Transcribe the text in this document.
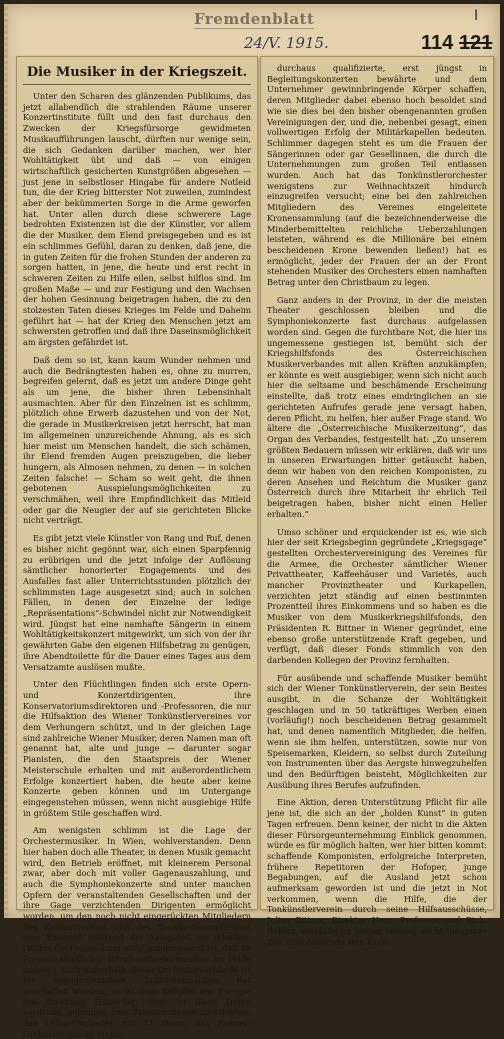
Fremdenblatt
24/V. 1915.	114 121
I
Die Musiker in der Kriegszeit.

Unter den Scharen des glänzenden Publikums, das jetzt allabendlich die strahlenden Räume unserer Konzertinstitute füllt und den fast durchaus den Zwecken der Kriegsfürsorge gewidmeten Musikaufführungen lauscht, dürften nur wenige sein, die sich Gedanken darüber machen, wer hier Wohltätigkeit übt und daß — von einigen wirtschaftlich gesicherten Kunstgrößen abgesehen — just jene in selbstloser Hingabe für andere Notleid tun, die der Krieg bitterster Not zuweilen, zumindest aber der bekümmerten Sorge in die Arme geworfen hat. Unter allen durch diese schwerere Lage bedrohten Existenzen ist die der Künstler, vor allem die der Musiker, dem Elend preisgegeben und es ist ein schlimmes Gefühl, daran zu denken, daß jene, die in guten Zeiten für die frohen Stunden der anderen zu sorgen hatten, in jene, die heute und erst recht in schweren Zeiten zu Hilfe eilen, selbst hilflos sind. Im großen Maße — und zur Festigung und den Wachsen der hohen Gesinnung beigetragen haben, die zu den stolzesten Taten dieses Krieges im Felde und Daheim geführt hat — hat der Krieg den Menschen jetzt am schwersten getroffen und daß ihre Daseinsmöglichkeit am ärgsten gefährdet ist.

Daß dem so ist, kann kaum Wunder nehmen und auch die Bedrängtesten haben es, ohne zu murren, begreifen gelernt, daß es jetzt um andere Dinge geht als um jene, die bisher ihren Lebensinhalt ausmachten. Aber für den Einzelnen ist es schlimm, plötzlich ohne Erwerb dazustehen und von der Not, die gerade in Musikerkreisen jetzt herrscht, hat man im allgemeinen unzureichende Ahnung, als es sich hier meist um Menschen handelt, die sich schämen, ihr Elend fremden Augen preiszugeben, die lieber hungern, als Almosen nehmen, zu denen — in solchen Zeiten falsche! — Scham so weit geht, die ihnen gebotenen Ausspielungsmöglichkeiten zu verschmähen, weil ihre Empfindlichkeit das Mitleid oder gar die Neugier der auf sie gerichteten Blicke nicht verträgt.

Es gibt jetzt viele Künstler von Rang und Ruf, denen es bisher nicht gegönnt war, sich einen Sparpfennig zu erübrigen und die jetzt infolge der Auflösung sämtlicher honorierter Engagements und des Ausfalles fast aller Unterrichtsstunden plötzlich der schlimmsten Lage ausgesetzt sind; auch in solchen Fällen, in denen der Einzelne der ledige „Repräsentations“-Schwindel nicht zur Notwendigkeit wird. Jüngst hat eine namhafte Sängerin in einem Wohltätigkeitskonzert mitgewirkt, um sich von der ihr gewährten Gabe den eigenen Hilfsbetrag zu genügen, ihre Abendtoilette für die Dauer eines Tages aus dem Versatzamte auslösen mußte.

Unter den Flüchtlingen finden sich erste Opern- und Konzertdirigenten, ihre Konservatoriumsdirektoren und -Professoren, die nur die Hilfsaktion des Wiener Tonkünstlervereines vor dem Verhungern schützt, und in der gleichen Lage sind zahlreiche Wiener Musiker, deren Namen man oft genannt hat, alte und junge — darunter sogar Pianisten, die den Staatspreis der Wiener Meisterschule erhalten und mit außerordentlichem Erfolge konzertiert haben, die heute aber keine Konzerte geben können und im Untergange eingegenstehen müssen, wenn nicht ausgiebige Hilfe in größtem Stile geschaffen wird.

Am wenigsten schlimm ist die Lage der Orchestermusiker. In Wien, wohlverstanden. Denn hier haben doch alle Theater, in denen Musik gemacht wird, den Betrieb eröffnet, mit kleinerem Personal zwar, aber doch mit voller Gagenauszahlung, und auch die Symphoniekonzerte sind unter manchen Opfern der veranstaltenden Gesellschaften und der ihre Gage verzichtenden Dirigenten ermöglicht worden, um den noch nicht eingerückten Mitgliedern des Konzertvereins und des Tonkünstlerorchesters eine Existenz während der Kriegszeit zu schaffen. (Wobei die Feststellung nicht uninteressant ist, daß 48 Prozent sämtlicher Berufsorchestermusiker im Felde stehen!) Auch außerhalb dieser Orchesterverbände ist für engagementslose Instrumentalisten Rat geschaffen worden; es ist zum Beispiel der Energie des Direktors Hölzering, denn ist diese Daten verdanke, gelungen, zwei Privatorchester zu schaffen, das Lehar-Orchester mit 42 Mann, das Ziehrer-Orchester mit 24 Mann,

durchaus qualifizierte, erst jüngst in Begleitungskonzerten bewährte und dem Unternehmer gewinnbringende Körper schaffen, deren Mitglieder dabei ebenso hoch besoldet sind wie sie dies bei den bisher obengenannten großen Vereinigungen der, und die, nebenbei gesagt, einen vollwertigen Erfolg der Militärkapellen bedeuten. Schlimmer dagegen steht es um die Frauen der Sängerinnen oder gar Gesellinnen, die durch die Unternehmungen zum großen Teil entlassen wurden. Auch hat das Tonkünstlerorchester wenigstens zur Weihnachtszeit hindurch einzugreifen versucht; eine bei den zahlreichen Mitgliedern des Vereines eingeleitete Kronensammlung (auf die bezeichnenderweise die Minderbemittelten reichliche Ueberzahlungen leisteten, während es die Millionäre bei einem bescheidenen Krone bewenden ließen!) hat es ermöglicht, jeder der Frauen der an der Front stehenden Musiker des Orchesters einen namhaften Betrag unter den Christbaum zu legen.

Ganz anders in der Provinz, in der die meisten Theater geschlossen bleiben und die Symphoniekonzerte fast durchaus aufgelassen worden sind. Gegen die furchtbare Not, die hier ins ungemessene gestiegen ist, bemüht sich der Kriegshilfsfonds des Österreichischen Musikerverbandes mit allen Kräften anzukämpfen; er könnte es weit ausgiebiger, wenn sich nicht auch hier die seltsame und beschämende Erscheinung einstellte, daß trotz eines eindringlichen an sie gerichteten Aufrufes gerade jene versagt haben, deren Pflicht, zu helfen, hier außer Frage stand. Wo ältere die „Österreichische Musikerzeitung“, das Organ des Verbandes, festgestellt hat: „Zu unserem größten Bedauern müssen wir erklären, daß wir uns in unseren Erwartungen bitter getäuscht haben, denn wir haben von den reichen Komponisten, zu deren Ansehen und Reichtum die Musiker ganz Österreich durch ihre Mitarbeit ihr ehrlich Teil beigetragen haben, bisher nicht einen Heller erhalten.“

Umso schöner und erquickender ist es, wie sich hier der seit Kriegsbeginn gegründete „Kriegsgage“ gestellten Orchestervereinigung des Vereines für die Armee, die Orchester sämtlicher Wiener Privattheater, Kaffeehäuser und Varietés, auch mancher Provinztheater und Kurkapellen, verzichten jetzt ständig auf einen bestimmten Prozentteil ihres Einkommens und so haben es die Musiker von dem Musikerkriegshilfsfonds, den Präsidenten R. Bittner in Wiener gegründet, eine ebenso große unterstützende Kraft gegeben, und verfügt, daß dieser Fonds stimmlich von den darbenden Kollegen der Provinz fernhalten.

Für ausübende und schaffende Musiker bemüht sich der Wiener Tonkünstlerverein, der sein Bestes ausgibt, in die Schanze der Wohltätigkeit geschlagen und in 50 tatkräftiges Werben einen (vorläufig!) noch bescheidenen Betrag gesammelt hat, und denen namentlich Mitglieder, die helfen, wenn sie ihm helfen, unterstützen, sowie nur von Speisemarken, Kleidern, so selbst durch Zuteilung von Instrumenten über das Aergste hinwegzuhelfen und den Bedürftigen beisteht, Möglichkeiten zur Ausübung ihres Berufes aufzufinden.

Eine Aktion, deren Unterstützung Pflicht für alle jene ist, die sich an der „holden Kunst“ in guten Tagen erfreuen. Denn keiner, der nicht in die Akten dieser Fürsorgeunternehmung Einblick genommen, würde es für möglich halten, wer hier bitten kommt: schaffende Komponisten, erfolgreiche Interpreten, frühere Repetitoren der Hofoper, junge Begabungen, auf die Ausland jetzt schon aufmerksam geworden ist und die jetzt in Not verkommen, wenn die Hilfe, die der Tonkünstlerverein durch seine Hilfsausschüsse, Julius Bittner, Direktor Herz, Professor und Rich. Robert, vorläufig zu leisten vermag, nicht die ganze Zeit überdauernde sein kann.
